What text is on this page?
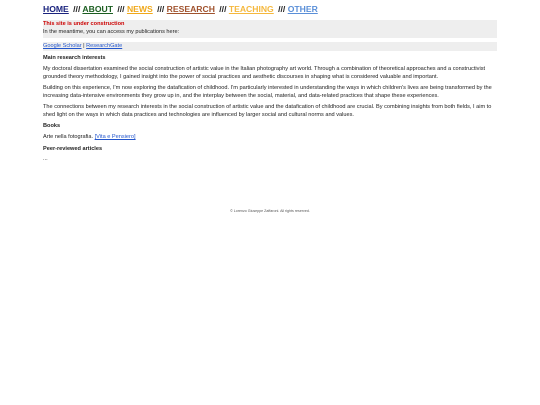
HOME /// ABOUT /// NEWS /// RESEARCH /// TEACHING /// OTHER
This site is under construction
In the meantime, you can access my publications here:
Google Scholar | ResearchGate
Main research interests

My doctoral dissertation examined the social construction of artistic value in the Italian photography art world. Through a combination of theoretical approaches and a constructivist grounded theory methodology, I gained insight into the power of social practices and aesthetic discourses in shaping what is considered valuable and important.

Building on this experience, I'm now exploring the datafication of childhood. I'm particularly interested in understanding the ways in which children's lives are being transformed by the increasing data-intensive environments they grow up in, and the interplay between the social, material, and data-related practices that shape these experiences.

The connections between my research interests in the social construction of artistic value and the datafication of childhood are crucial. By combining insights from both fields, I aim to shed light on the ways in which data practices and technologies are influenced by larger social and cultural norms and values.

Books

Arte nella fotografia. [Vita e Pensiero]

Peer-reviewed articles
...
© Lorenzo Giuseppe Zaffaroni. All rights reserved.
